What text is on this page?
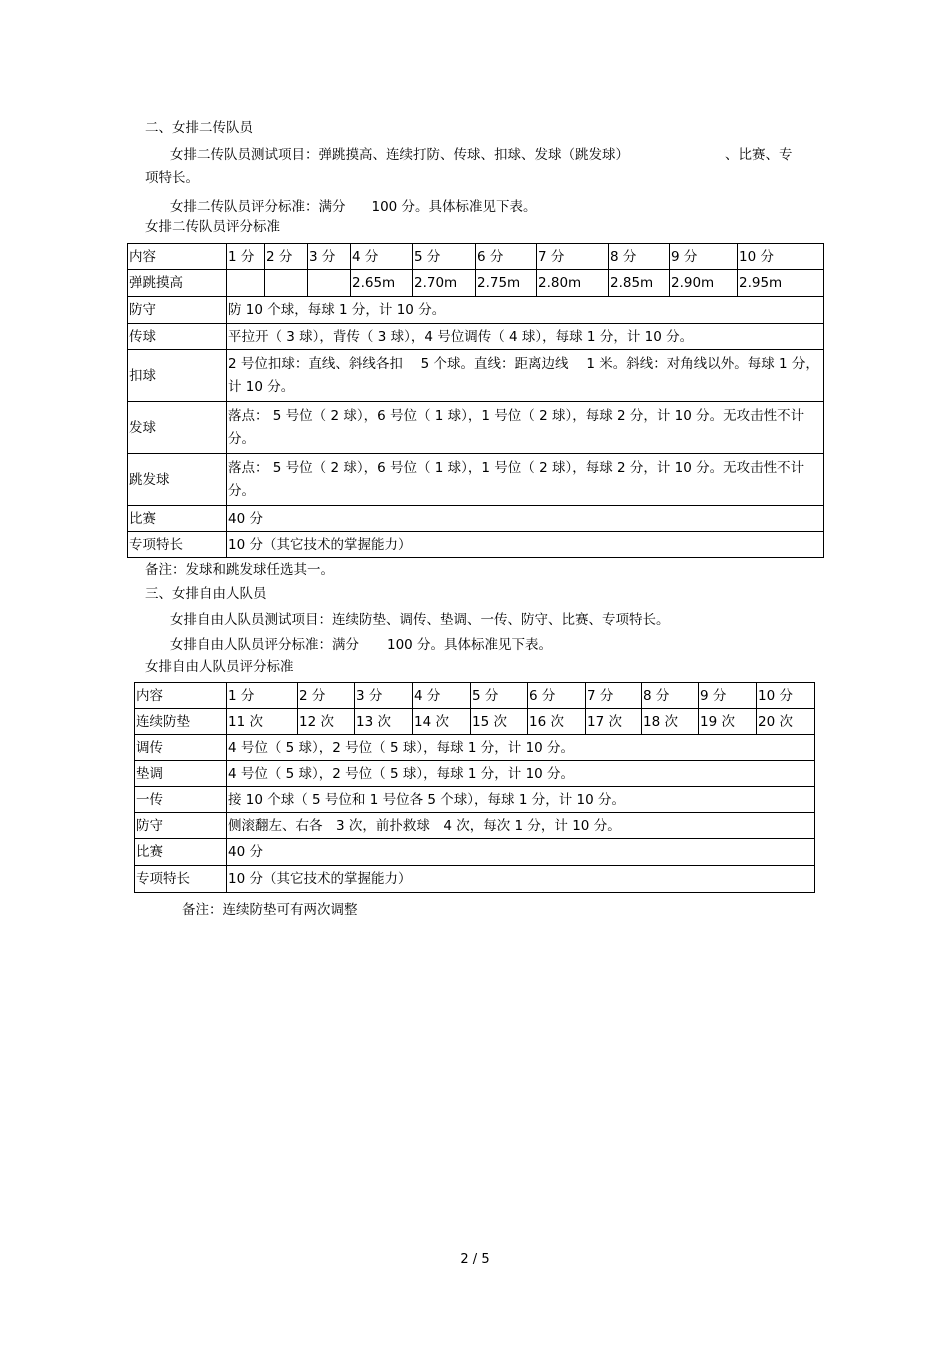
二、女排二传队员
女排二传队员测试项目：弹跳摸高、连续打防、传球、扣球、发球（跳发球）	、比赛、专
项特长。
女排二传队员评分标准：满分 100 分。具体标准见下表。
女排二传队员评分标准
内容	1 分	2 分	3 分	4 分	5 分	6 分	7 分	8 分	9 分	10 分
弹跳摸高				2.65m	2.70m	2.75m	2.80m	2.85m	2.90m	2.95m
防守	防 10 个球，每球 1 分，计 10 分。									
传球	平拉开（ 3 球），背传（ 3 球），4 号位调传（ 4 球），每球 1 分，计 10 分。									
扣球	2 号位扣球：直线、斜线各扣　 5 个球。直线：距离边线　 1 米。斜线：对角线以外。每球 1 分，计 10 分。									
发球	落点： 5 号位（ 2 球），6 号位（ 1 球），1 号位（ 2 球），每球 2 分，计 10 分。无攻击性不计分。									
跳发球	落点： 5 号位（ 2 球），6 号位（ 1 球），1 号位（ 2 球），每球 2 分，计 10 分。无攻击性不计分。									
比赛	40 分									
专项特长	10 分（其它技术的掌握能力）									
备注：发球和跳发球任选其一。
三、女排自由人队员
女排自由人队员测试项目：连续防垫、调传、垫调、一传、防守、比赛、专项特长。
女排自由人队员评分标准：满分 100 分。具体标准见下表。
女排自由人队员评分标准
内容	1 分	2 分	3 分	4 分	5 分	6 分	7 分	8 分	9 分	10 分
连续防垫	11 次	12 次	13 次	14 次	15 次	16 次	17 次	18 次	19 次	20 次
调传	4 号位（ 5 球），2 号位（ 5 球），每球 1 分，计 10 分。									
垫调	4 号位（ 5 球），2 号位（ 5 球），每球 1 分，计 10 分。									
一传	接 10 个球（ 5 号位和 1 号位各 5 个球），每球 1 分，计 10 分。									
防守	侧滚翻左、右各　3 次，前扑救球　4 次，每次 1 分，计 10 分。									
比赛	40 分									
专项特长	10 分（其它技术的掌握能力）									
备注：连续防垫可有两次调整
2 / 5
